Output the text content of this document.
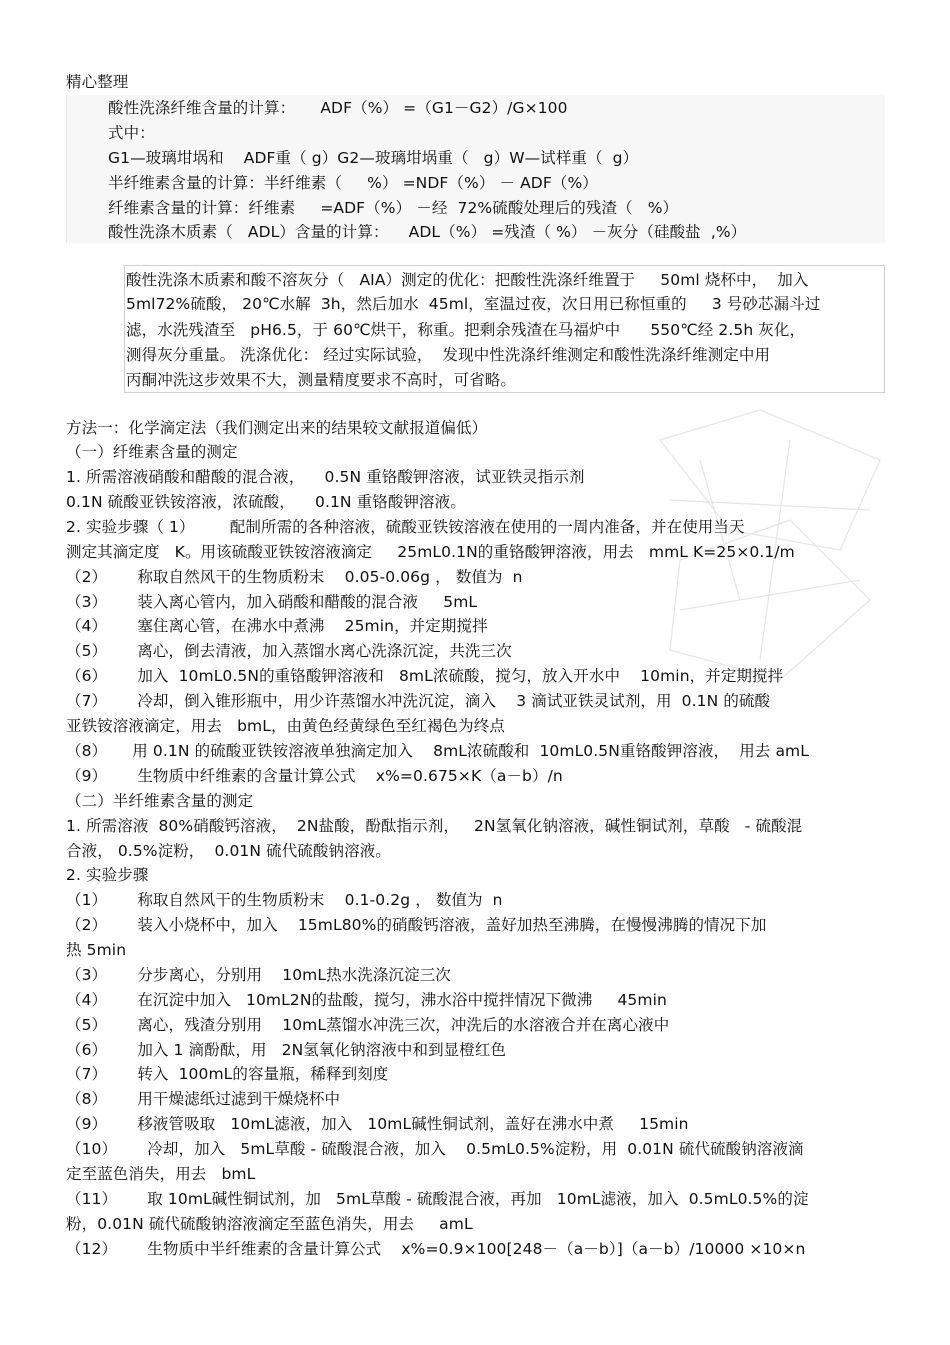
精心整理
酸性洗涤纤维含量的计算：     ADF（%） =（G1－G2）/G×100
式中：
G1—玻璃坩埚和    ADF重（ g）G2—玻璃坩埚重（   g）W—试样重（  g）
半纤维素含量的计算：半纤维素（     %） =NDF（%） － ADF（%）
纤维素含量的计算：纤维素     =ADF（%） －经  72%硫酸处理后的残渣（   %）
酸性洗涤木质素（   ADL）含量的计算：    ADL（%） =残渣（ %） －灰分（硅酸盐  ,%）
酸性洗涤木质素和酸不溶灰分（   AIA）测定的优化：把酸性洗涤纤维置于     50ml 烧杯中，  加入
5ml72%硫酸， 20℃水解  3h，然后加水  45ml，室温过夜，次日用已称恒重的     3 号砂芯漏斗过
滤，水洗残渣至   pH6.5，于 60℃烘干，称重。把剩余残渣在马福炉中      550℃经 2.5h 灰化，
测得灰分重量。 洗涤优化： 经过实际试验，  发现中性洗涤纤维测定和酸性洗涤纤维测定中用
丙酮冲洗这步效果不大，测量精度要求不高时，可省略。
方法一：化学滴定法（我们测定出来的结果较文献报道偏低）
（一）纤维素含量的测定
1. 所需溶液硝酸和醋酸的混合液，    0.5N 重铬酸钾溶液，试亚铁灵指示剂
0.1N 硫酸亚铁铵溶液，浓硫酸，    0.1N 重铬酸钾溶液。
2. 实验步骤（ 1）       配制所需的各种溶液，硫酸亚铁铵溶液在使用的一周内准备，并在使用当天
测定其滴定度   K。用该硫酸亚铁铵溶液滴定     25mL0.1N的重铬酸钾溶液，用去   mmL K=25×0.1/m
（2）      称取自然风干的生物质粉末    0.05-0.06g ， 数值为  n
（3）      装入离心管内，加入硝酸和醋酸的混合液     5mL
（4）      塞住离心管，在沸水中煮沸    25min，并定期搅拌
（5）      离心，倒去清液，加入蒸馏水离心洗涤沉淀，共洗三次
（6）      加入  10mL0.5N的重铬酸钾溶液和   8mL浓硫酸，搅匀，放入开水中    10min，并定期搅拌
（7）      冷却，倒入锥形瓶中，用少许蒸馏水冲洗沉淀，滴入    3 滴试亚铁灵试剂，用  0.1N 的硫酸
亚铁铵溶液滴定，用去   bmL，由黄色经黄绿色至红褐色为终点
（8）     用 0.1N 的硫酸亚铁铵溶液单独滴定加入    8mL浓硫酸和  10mL0.5N重铬酸钾溶液，  用去 amL
（9）      生物质中纤维素的含量计算公式    x%=0.675×K（a－b）/n
（二）半纤维素含量的测定
1. 所需溶液  80%硝酸钙溶液，  2N盐酸，酚酞指示剂，   2N氢氧化钠溶液，碱性铜试剂，草酸   - 硫酸混
合液， 0.5%淀粉，  0.01N 硫代硫酸钠溶液。
2. 实验步骤
（1）      称取自然风干的生物质粉末    0.1-0.2g ， 数值为  n
（2）      装入小烧杯中，加入    15mL80%的硝酸钙溶液，盖好加热至沸腾，在慢慢沸腾的情况下加
热 5min
（3）      分步离心，分别用    10mL热水洗涤沉淀三次
（4）      在沉淀中加入   10mL2N的盐酸，搅匀，沸水浴中搅拌情况下微沸     45min
（5）      离心，残渣分别用    10mL蒸馏水冲洗三次，冲洗后的水溶液合并在离心液中
（6）      加入 1 滴酚酞，用   2N氢氧化钠溶液中和到显橙红色
（7）      转入  100mL的容量瓶，稀释到刻度
（8）      用干燥滤纸过滤到干燥烧杯中
（9）      移液管吸取   10mL滤液，加入   10mL碱性铜试剂，盖好在沸水中煮     15min
（10）      冷却，加入   5mL草酸 - 硫酸混合液，加入    0.5mL0.5%淀粉，用  0.01N 硫代硫酸钠溶液滴
定至蓝色消失，用去   bmL
（11）      取 10mL碱性铜试剂，加   5mL草酸 - 硫酸混合液，再加   10mL滤液，加入  0.5mL0.5%的淀
粉，0.01N 硫代硫酸钠溶液滴定至蓝色消失，用去     amL
（12）      生物质中半纤维素的含量计算公式    x%=0.9×100[248－（a－b）]（a－b）/10000 ×10×n
